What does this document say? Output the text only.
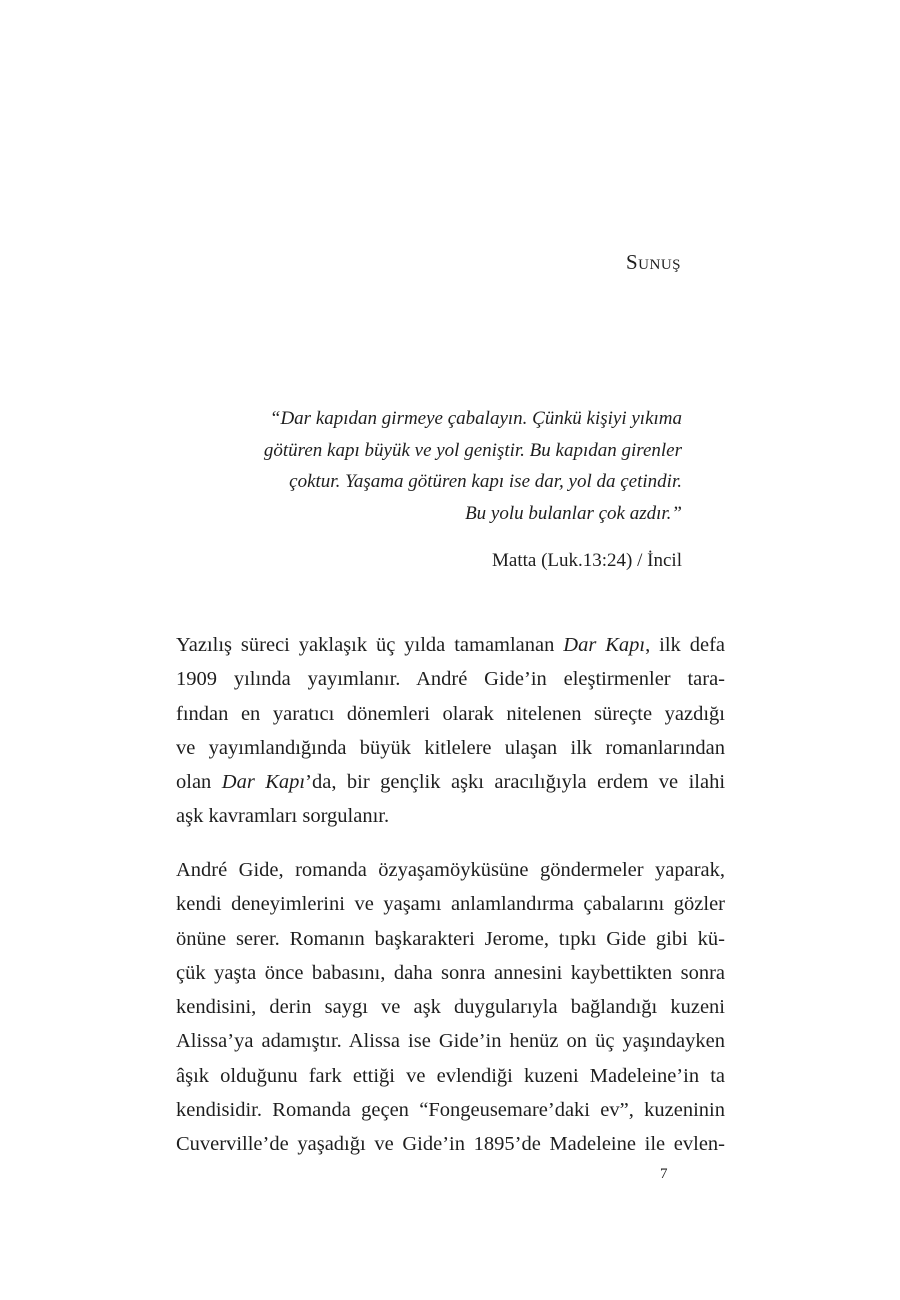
Sunuş
“Dar kapıdan girmeye çabalayın. Çünkü kişiyi yıkıma
götüren kapı büyük ve yol geniştir. Bu kapıdan girenler
çoktur. Yaşama götüren kapı ise dar, yol da çetindir.
Bu yolu bulanlar çok azdır.”
Matta (Luk.13:24) / İncil
Yazılış süreci yaklaşık üç yılda tamamlanan Dar Kapı, ilk defa
1909 yılında yayımlanır. André Gide’in eleştirmenler tara-
fından en yaratıcı dönemleri olarak nitelenen süreçte yazdığı
ve yayımlandığında büyük kitlelere ulaşan ilk romanlarından
olan Dar Kapı’da, bir gençlik aşkı aracılığıyla erdem ve ilahi
aşk kavramları sorgulanır.
André Gide, romanda özyaşamöyküsüne göndermeler yaparak,
kendi deneyimlerini ve yaşamı anlamlandırma çabalarını gözler
önüne serer. Romanın başkarakteri Jerome, tıpkı Gide gibi kü-
çük yaşta önce babasını, daha sonra annesini kaybettikten sonra
kendisini, derin saygı ve aşk duygularıyla bağlandığı kuzeni
Alissa’ya adamıştır. Alissa ise Gide’in henüz on üç yaşındayken
âşık olduğunu fark ettiği ve evlendiği kuzeni Madeleine’in ta
kendisidir. Romanda geçen “Fongeusemare’daki ev”, kuzeninin
Cuverville’de yaşadığı ve Gide’in 1895’de Madeleine ile evlen-
7
